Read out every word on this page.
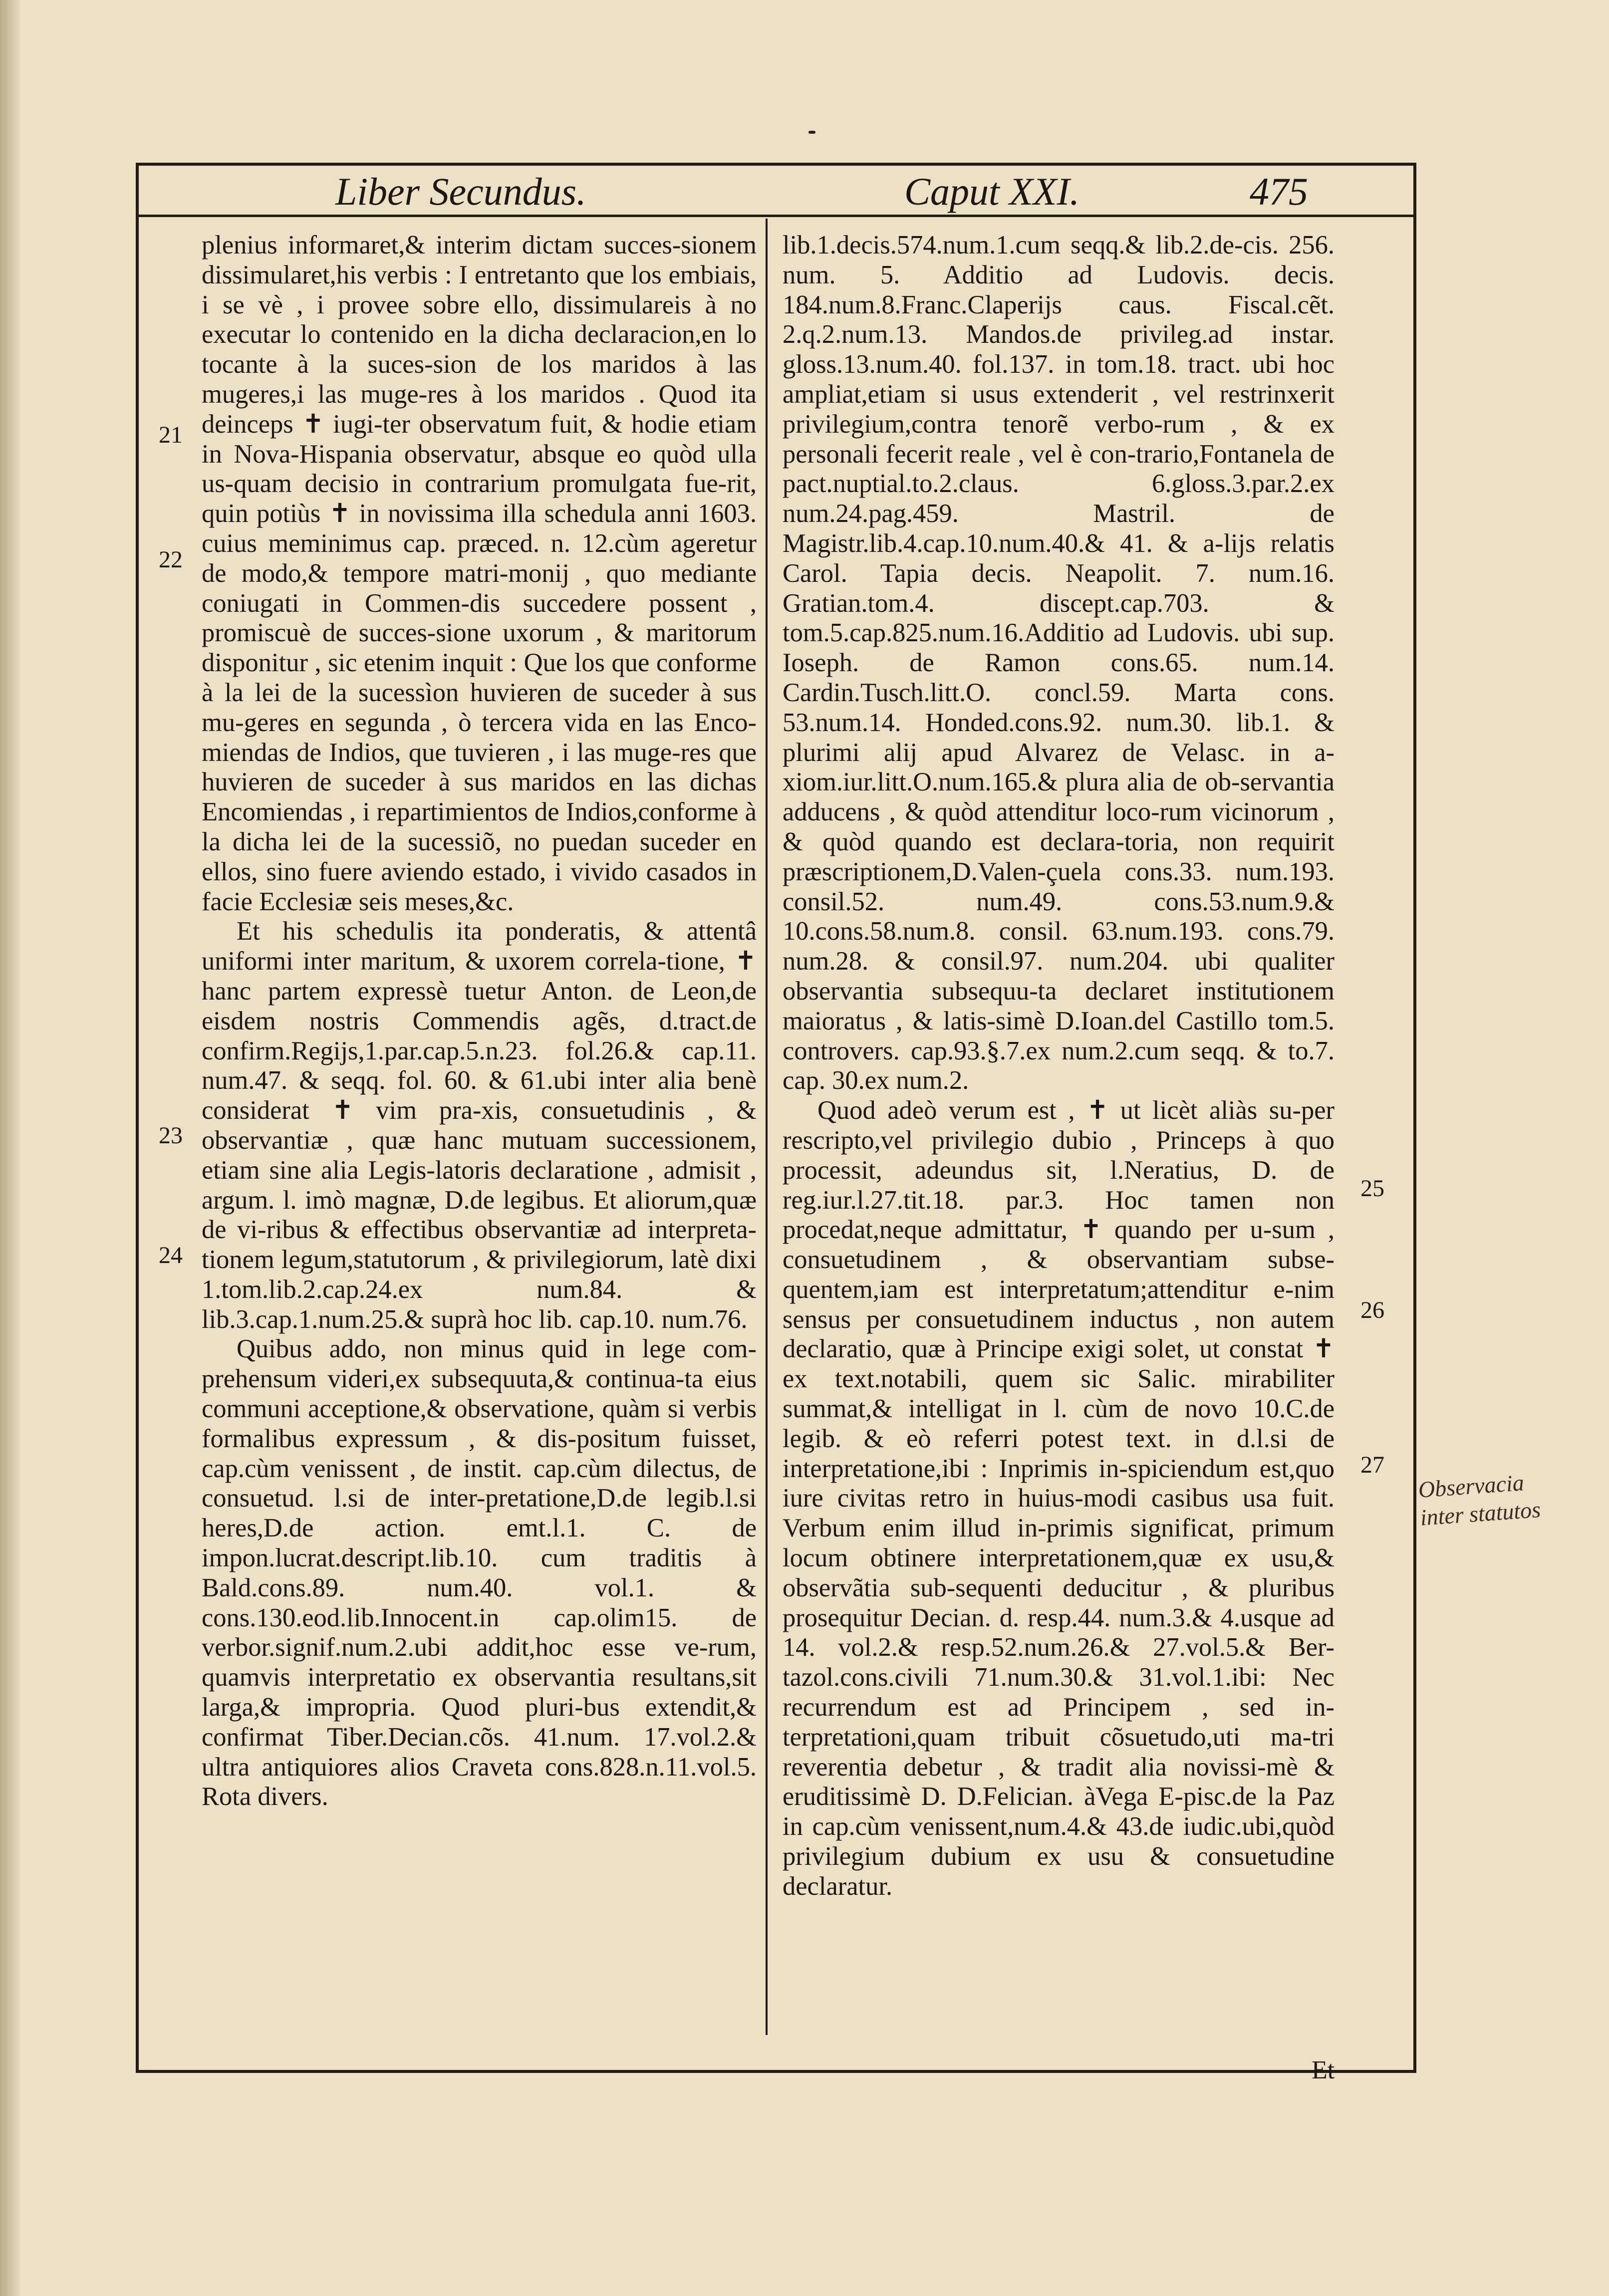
Liber Secundus.	Caput XXI.	475

plenius informaret,& interim dictam succes-sionem dissimularet,his verbis : I entretanto que los embiais, i se vè , i provee sobre ello, dissimulareis à no executar lo contenido en la dicha declaracion,en lo tocante à la suces-sion de los maridos à las mugeres,i las muge-res à los maridos . Quod ita deinceps ✝ iugi-ter observatum fuit, & hodie etiam in Nova-Hispania observatur, absque eo quòd ulla us-quam decisio in contrarium promulgata fue-rit, quin potiùs ✝ in novissima illa schedula anni 1603. cuius meminimus cap. præced. n. 12.cùm ageretur de modo,& tempore matri-monij , quo mediante coniugati in Commen-dis succedere possent , promiscuè de succes-sione uxorum , & maritorum disponitur , sic etenim inquit : Que los que conforme à la lei de la sucessìon huvieren de suceder à sus mu-geres en segunda , ò tercera vida en las Enco-miendas de Indios, que tuvieren , i las muge-res que huvieren de suceder à sus maridos en las dichas Encomiendas , i repartimientos de Indios,conforme à la dicha lei de la sucessiõ, no puedan suceder en ellos, sino fuere aviendo estado, i vivido casados in facie Ecclesiæ seis meses,&c.

Et his schedulis ita ponderatis, & attentâ uniformi inter maritum, & uxorem correla-tione, ✝ hanc partem expressè tuetur Anton. de Leon,de eisdem nostris Commendis agẽs, d.tract.de confirm.Regijs,1.par.cap.5.n.23. fol.26.& cap.11. num.47. & seqq. fol. 60. & 61.ubi inter alia benè considerat ✝ vim pra-xis, consuetudinis , & observantiæ , quæ hanc mutuam successionem, etiam sine alia Legis-latoris declaratione , admisit , argum. l. imò magnæ, D.de legibus. Et aliorum,quæ de vi-ribus & effectibus observantiæ ad interpreta-tionem legum,statutorum , & privilegiorum, latè dixi 1.tom.lib.2.cap.24.ex num.84. & lib.3.cap.1.num.25.& suprà hoc lib. cap.10. num.76.

Quibus addo, non minus quid in lege com-prehensum videri,ex subsequuta,& continua-ta eius communi acceptione,& observatione, quàm si verbis formalibus expressum , & dis-positum fuisset, cap.cùm venissent , de instit. cap.cùm dilectus, de consuetud. l.si de inter-pretatione,D.de legib.l.si heres,D.de action. emt.l.1. C. de impon.lucrat.descript.lib.10. cum traditis à Bald.cons.89. num.40. vol.1. & cons.130.eod.lib.Innocent.in cap.olim15. de verbor.signif.num.2.ubi addit,hoc esse ve-rum, quamvis interpretatio ex observantia resultans,sit larga,& impropria. Quod pluri-bus extendit,& confirmat Tiber.Decian.cõs. 41.num. 17.vol.2.& ultra antiquiores alios Craveta cons.828.n.11.vol.5. Rota divers.

lib.1.decis.574.num.1.cum seqq.& lib.2.de-cis. 256. num. 5. Additio ad Ludovis. decis. 184.num.8.Franc.Claperijs caus. Fiscal.cẽt. 2.q.2.num.13. Mandos.de privileg.ad instar. gloss.13.num.40. fol.137. in tom.18. tract. ubi hoc ampliat,etiam si usus extenderit , vel restrinxerit privilegium,contra tenorẽ verbo-rum , & ex personali fecerit reale , vel è con-trario,Fontanela de pact.nuptial.to.2.claus. 6.gloss.3.par.2.ex num.24.pag.459. Mastril. de Magistr.lib.4.cap.10.num.40.& 41. & a-lijs relatis Carol. Tapia decis. Neapolit. 7. num.16. Gratian.tom.4. discept.cap.703. & tom.5.cap.825.num.16.Additio ad Ludovis. ubi sup. Ioseph. de Ramon cons.65. num.14. Cardin.Tusch.litt.O. concl.59. Marta cons. 53.num.14. Honded.cons.92. num.30. lib.1. & plurimi alij apud Alvarez de Velasc. in a-xiom.iur.litt.O.num.165.& plura alia de ob-servantia adducens , & quòd attenditur loco-rum vicinorum , & quòd quando est declara-toria, non requirit præscriptionem,D.Valen-çuela cons.33. num.193. consil.52. num.49. cons.53.num.9.& 10.cons.58.num.8. consil. 63.num.193. cons.79. num.28. & consil.97. num.204. ubi qualiter observantia subsequu-ta declaret institutionem maioratus , & latis-simè D.Ioan.del Castillo tom.5. controvers. cap.93.§.7.ex num.2.cum seqq. & to.7. cap. 30.ex num.2.

Quod adeò verum est , ✝ ut licèt aliàs su-per rescripto,vel privilegio dubio , Princeps à quo processit, adeundus sit, l.Neratius, D. de reg.iur.l.27.tit.18. par.3. Hoc tamen non procedat,neque admittatur, ✝ quando per u-sum , consuetudinem , & observantiam subse-quentem,iam est interpretatum;attenditur e-nim sensus per consuetudinem inductus , non autem declaratio, quæ à Principe exigi solet, ut constat ✝ ex text.notabili, quem sic Salic. mirabiliter summat,& intelligat in l. cùm de novo 10.C.de legib. & eò referri potest text. in d.l.si de interpretatione,ibi : Inprimis in-spiciendum est,quo iure civitas retro in huius-modi casibus usa fuit. Verbum enim illud in-primis significat, primum locum obtinere interpretationem,quæ ex usu,& observãtia sub-sequenti deducitur , & pluribus prosequitur Decian. d. resp.44. num.3.& 4.usque ad 14. vol.2.& resp.52.num.26.& 27.vol.5.& Ber-tazol.cons.civili 71.num.30.& 31.vol.1.ibi: Nec recurrendum est ad Principem , sed in-terpretationi,quam tribuit cõsuetudo,uti ma-tri reverentia debetur , & tradit alia novissi-mè & eruditissimè D. D.Felician. àVega E-pisc.de la Paz in cap.cùm venissent,num.4.& 43.de iudic.ubi,quòd privilegium dubium ex usu & consuetudine declaratur.

21
22
23
24
25
26
27
Observacia
inter statutos
Et
